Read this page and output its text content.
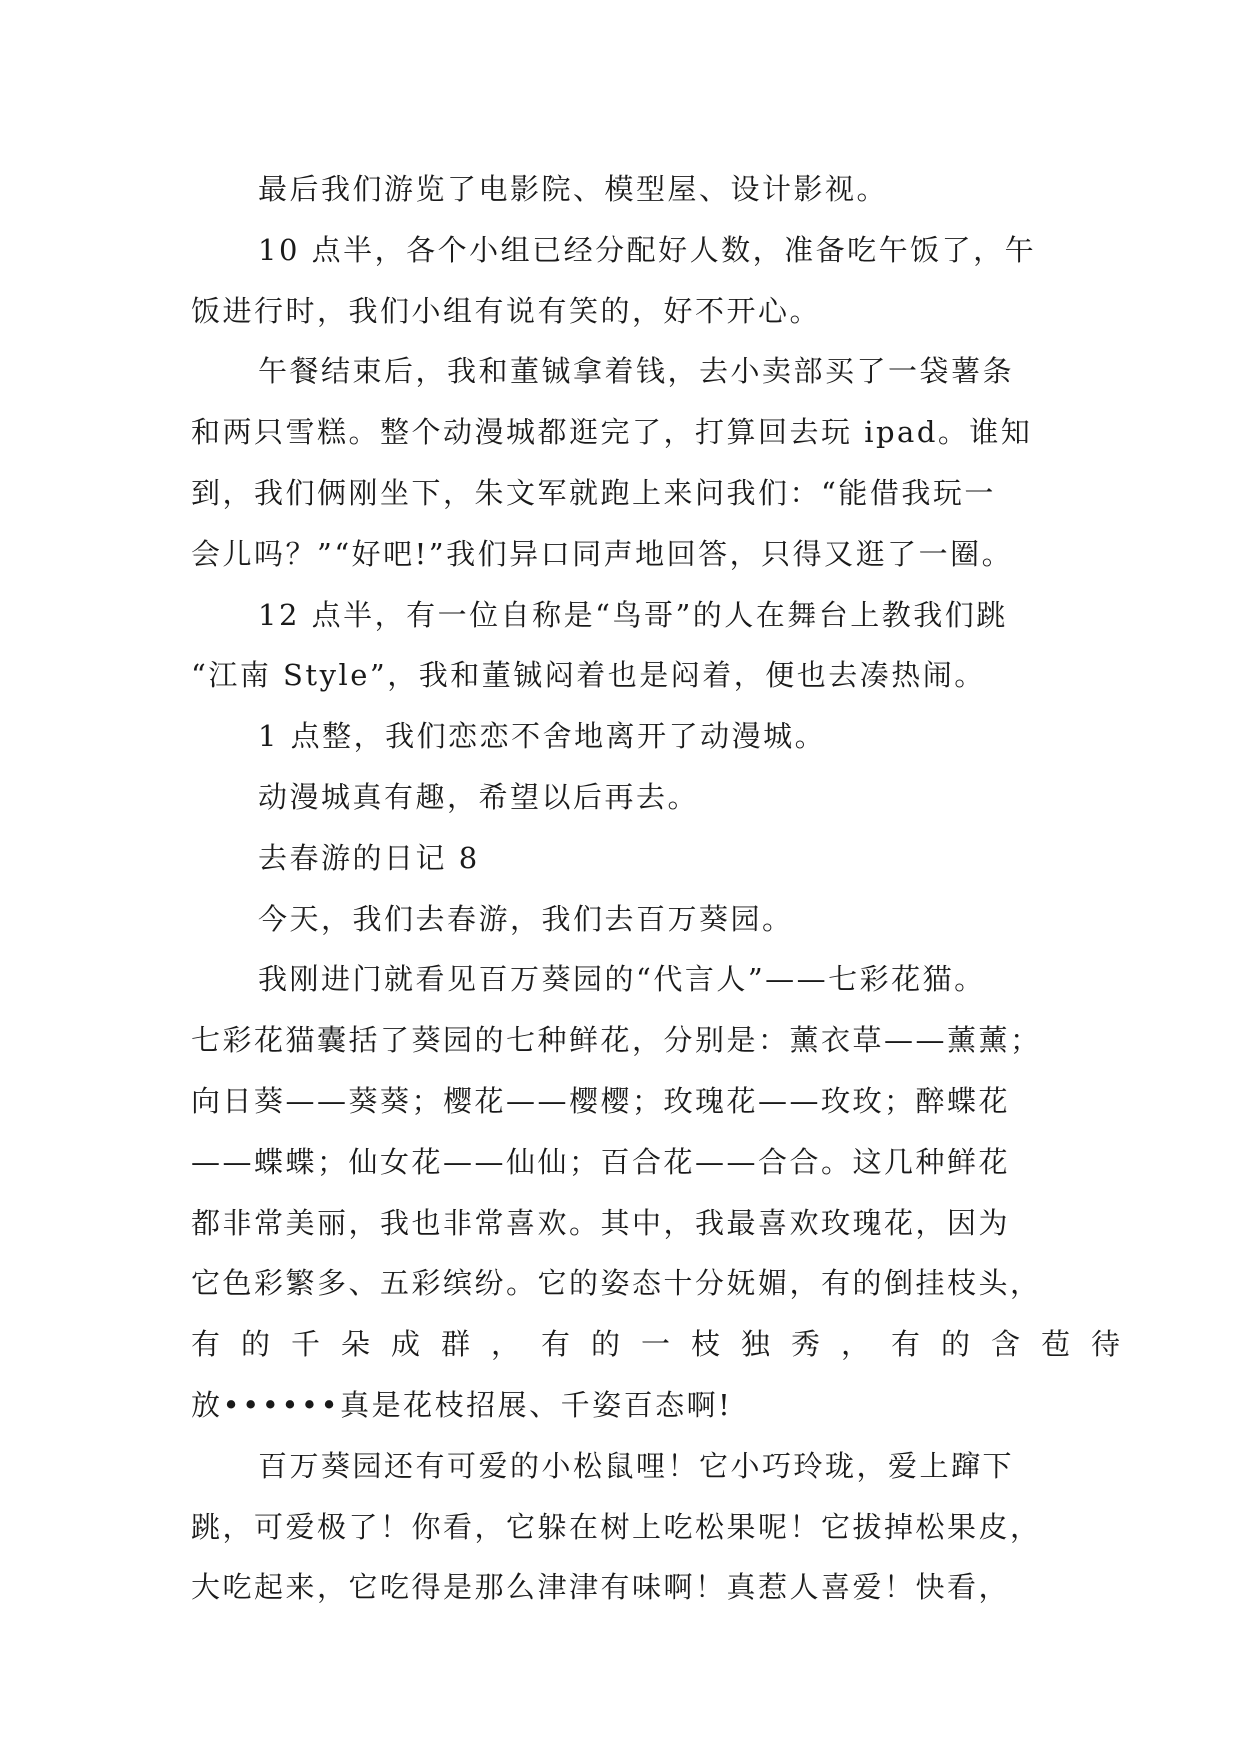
最后我们游览了电影院、模型屋、设计影视。
10 点半，各个小组已经分配好人数，准备吃午饭了，午
饭进行时，我们小组有说有笑的，好不开心。
午餐结束后，我和董铖拿着钱，去小卖部买了一袋薯条
和两只雪糕。整个动漫城都逛完了，打算回去玩 ipad。谁知
到，我们俩刚坐下，朱文军就跑上来问我们：“能借我玩一
会儿吗？”“好吧!”我们异口同声地回答，只得又逛了一圈。
12 点半，有一位自称是“鸟哥”的人在舞台上教我们跳
“江南 Style”，我和董铖闷着也是闷着，便也去凑热闹。
1 点整，我们恋恋不舍地离开了动漫城。
动漫城真有趣，希望以后再去。
去春游的日记 8
今天，我们去春游，我们去百万葵园。
我刚进门就看见百万葵园的“代言人”——七彩花猫。
七彩花猫囊括了葵园的七种鲜花，分别是：薰衣草——薰薰；
向日葵——葵葵；樱花——樱樱；玫瑰花——玫玫；醉蝶花
——蝶蝶；仙女花——仙仙；百合花——合合。这几种鲜花
都非常美丽，我也非常喜欢。其中，我最喜欢玫瑰花，因为
它色彩繁多、五彩缤纷。它的姿态十分妩媚，有的倒挂枝头，
有的千朵成群，有的一枝独秀，有的含苞待
放••••••真是花枝招展、千姿百态啊!
百万葵园还有可爱的小松鼠哩！它小巧玲珑，爱上蹿下
跳，可爱极了！你看，它躲在树上吃松果呢！它拔掉松果皮，
大吃起来，它吃得是那么津津有味啊！真惹人喜爱！快看，
